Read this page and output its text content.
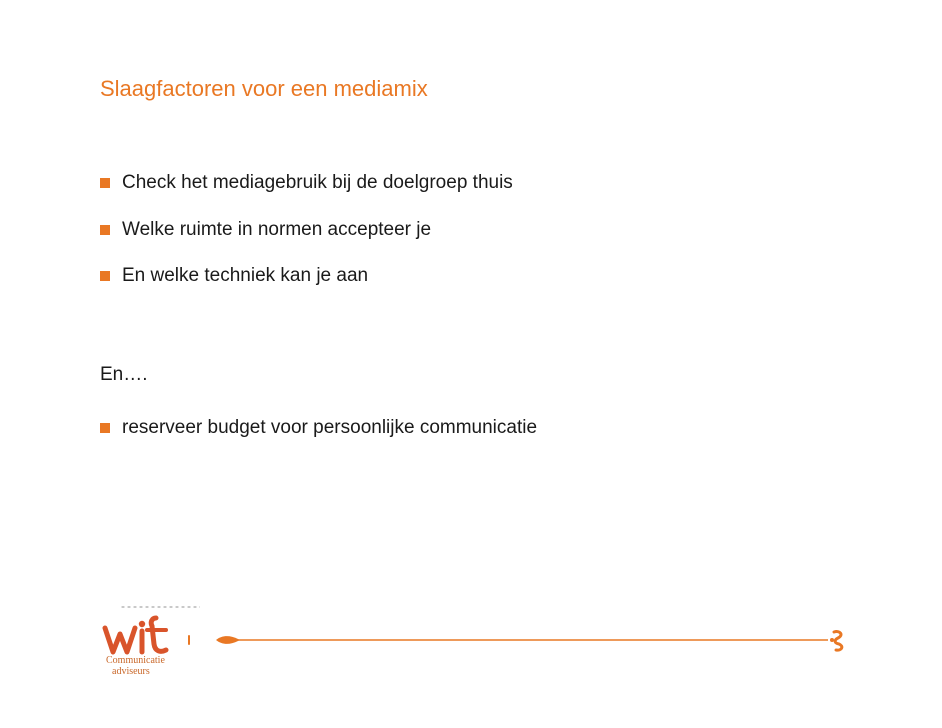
Slaagfactoren voor een mediamix
Check het mediagebruik bij de doelgroep thuis
Welke ruimte in normen accepteer je
En welke techniek kan je aan
En….
reserveer budget voor persoonlijke communicatie
Communicatie
adviseurs
